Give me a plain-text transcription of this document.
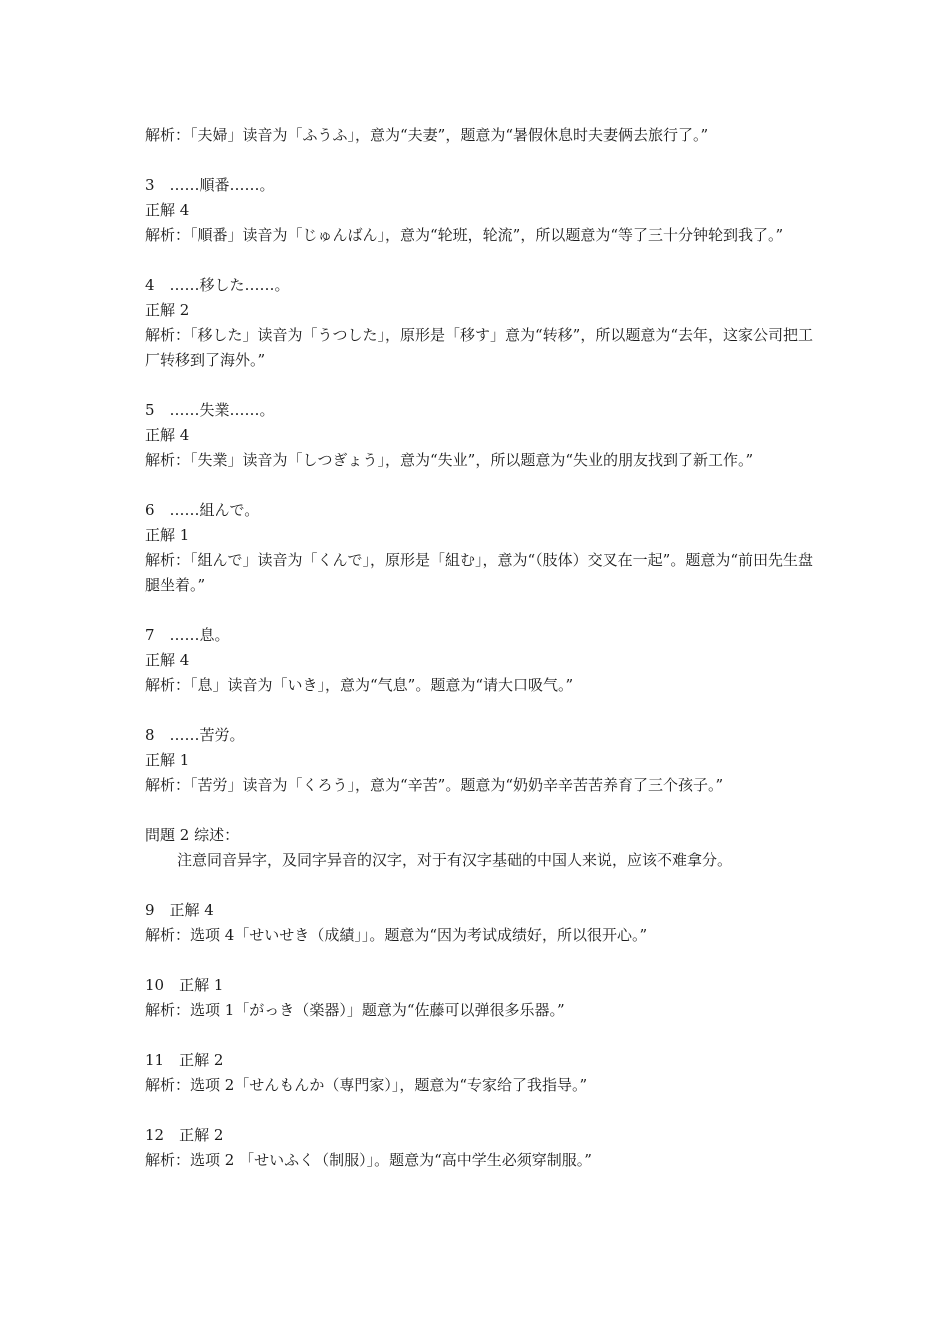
解析：「夫婦」读音为「ふうふ」，意为“夫妻”，题意为“暑假休息时夫妻俩去旅行了。”
3　……順番……。
正解 4
解析：「順番」读音为「じゅんばん」，意为“轮班，轮流”，所以题意为“等了三十分钟轮到我了。”
4　……移した……。
正解 2
解析：「移した」读音为「うつした」，原形是「移す」意为“转移”，所以题意为“去年，这家公司把工厂转移到了海外。”
5　……失業……。
正解 4
解析：「失業」读音为「しつぎょう」，意为“失业”，所以题意为“失业的朋友找到了新工作。”
6　……組んで。
正解 1
解析：「組んで」读音为「くんで」，原形是「組む」，意为“（肢体）交叉在一起”。题意为“前田先生盘腿坐着。”
7　……息。
正解 4
解析：「息」读音为「いき」，意为“气息”。题意为“请大口吸气。”
8　……苦労。
正解 1
解析：「苦労」读音为「くろう」，意为“辛苦”。题意为“奶奶辛辛苦苦养育了三个孩子。”
問題 2 综述：
注意同音异字，及同字异音的汉字，对于有汉字基础的中国人来说，应该不难拿分。
9　正解 4
解析：选项 4「せいせき（成績」」。题意为“因为考试成绩好，所以很开心。”
10　正解 1
解析：选项 1「がっき（楽器）」题意为“佐藤可以弹很多乐器。”
11　正解 2
解析：选项 2「せんもんか（専門家）」，题意为“专家给了我指导。”
12　正解 2
解析：选项 2 「せいふく（制服）」。题意为“高中学生必须穿制服。”
